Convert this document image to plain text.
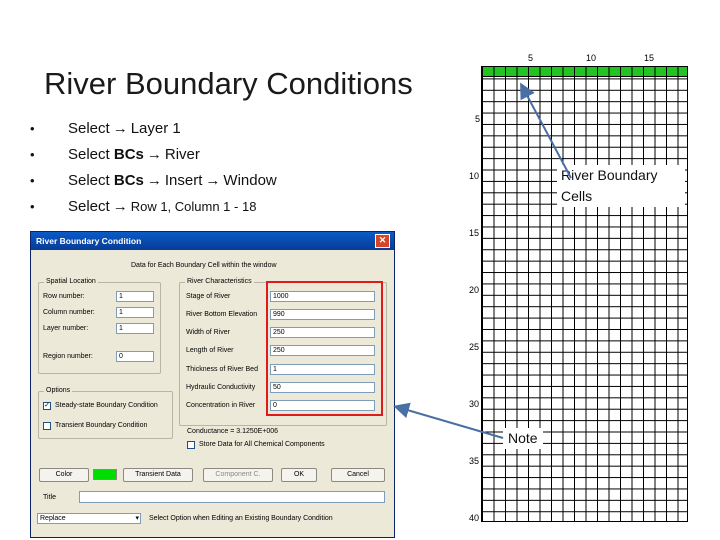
River Boundary Conditions
• Select → Layer 1
• Select BCs → River
• Select BCs → Insert → Window
• Select → Row 1, Column 1 - 18
River Boundary Condition	✕
Data for Each Boundary Cell within the window
Spatial Location
Row number:	1
Column number:	1
Layer number:	1
Region number:	0
River Characteristics
Stage of River	1000
River Bottom Elevation	990
Width of River	250
Length of River	250
Thickness of River Bed	1
Hydraulic Conductivity	50
Concentration in River	0
Conductance = 3.1250E+006
Store Data for All Chemical Components
Options
✓ Steady-state Boundary Condition
Transient Boundary Condition
Color	Transient Data	Component C.	OK	Cancel
Title
Replace	▾ Select Option when Editing an Existing Boundary Condition
5	10	15
5
10
15
20
25
30
35
40
River Boundary Cells
Note
